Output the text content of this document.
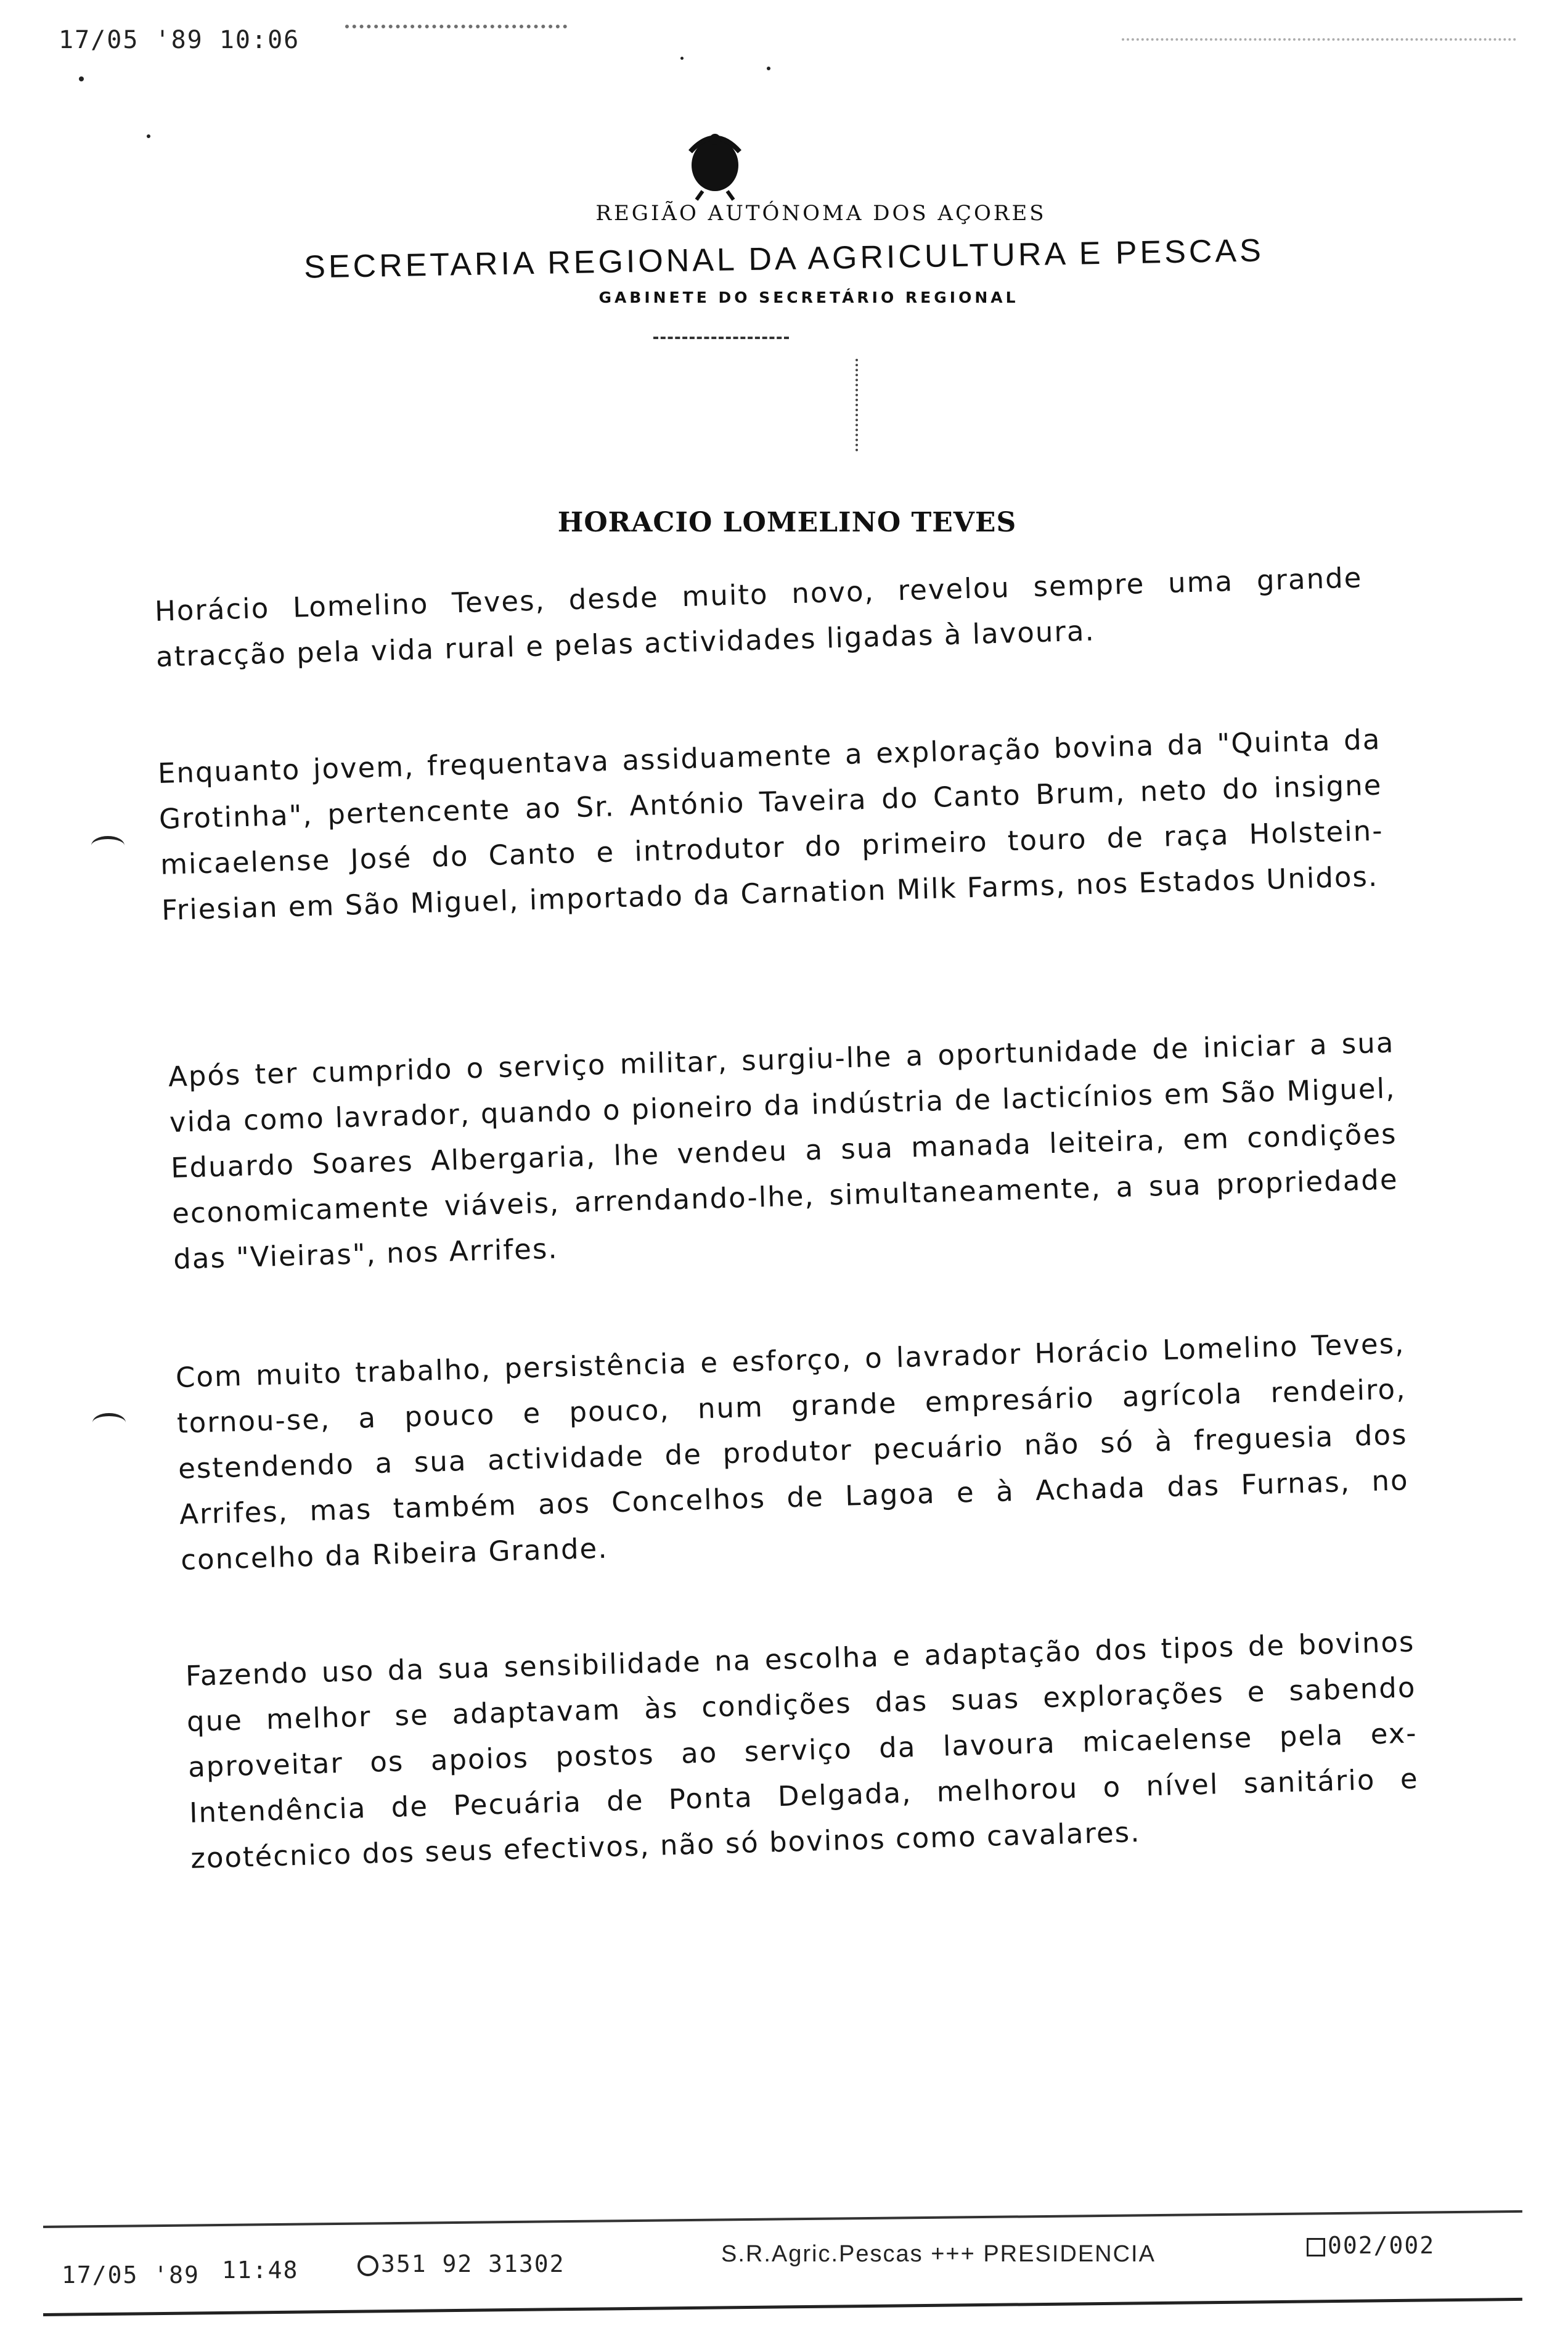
17/05 '89 10:06
REGIÃO AUTÓNOMA DOS AÇORES
SECRETARIA REGIONAL DA AGRICULTURA E PESCAS
GABINETE DO SECRETÁRIO REGIONAL
HORACIO LOMELINO TEVES
Horácio Lomelino Teves, desde muito novo, revelou sempre uma grande atracção pela vida rural e pelas actividades ligadas à lavoura.
Enquanto jovem, frequentava assiduamente a exploração bovina da "Quinta da Grotinha", pertencente ao Sr. António Taveira do Canto Brum, neto do insigne micaelense José do Canto e introdutor do primeiro touro de raça Holstein-Friesian em São Miguel, importado da Carnation Milk Farms, nos Estados Unidos.
Após ter cumprido o serviço militar, surgiu-lhe a oportunidade de iniciar a sua vida como lavrador, quando o pioneiro da indústria de lacticínios em São Miguel, Eduardo Soares Albergaria, lhe vendeu a sua manada leiteira, em condições economicamente viáveis, arrendando-lhe, simultaneamente, a sua propriedade das "Vieiras", nos Arrifes.
Com muito trabalho, persistência e esforço, o lavrador Horácio Lomelino Teves, tornou-se, a pouco e pouco, num grande empresário agrícola rendeiro, estendendo a sua actividade de produtor pecuário não só à freguesia dos Arrifes, mas também aos Concelhos de Lagoa e à Achada das Furnas, no concelho da Ribeira Grande.
Fazendo uso da sua sensibilidade na escolha e adaptação dos tipos de bovinos que melhor se adaptavam às condições das suas explorações e sabendo aproveitar os apoios postos ao serviço da lavoura micaelense pela ex-Intendência de Pecuária de Ponta Delgada, melhorou o nível sanitário e zootécnico dos seus efectivos, não só bovinos como cavalares.
17/05 '89 11:48	351 92 31302	S.R.Agric.Pescas +++ PRESIDENCIA	002/002
